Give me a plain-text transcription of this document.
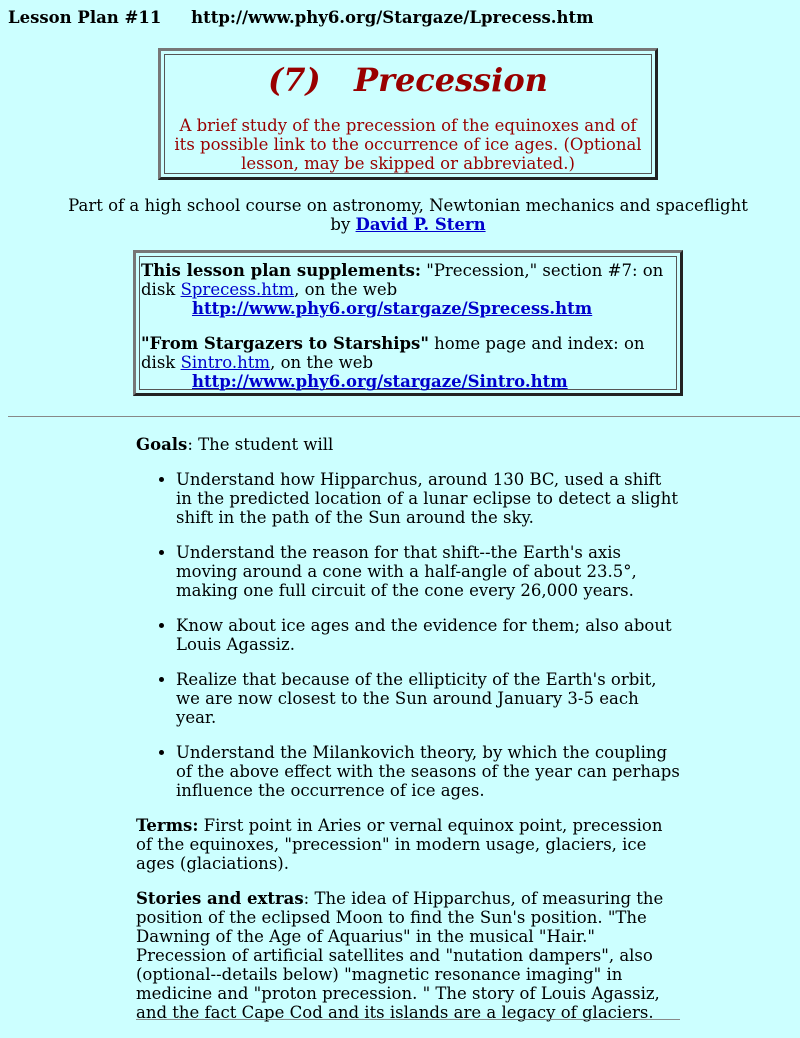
Lesson Plan #11 http://www.phy6.org/Stargaze/Lprecess.htm
(7)   Precession
A brief study of the precession of the equinoxes and of its possible link to the occurrence of ice ages. (Optional lesson, may be skipped or abbreviated.)
Part of a high school course on astronomy, Newtonian mechanics and spaceflight
by David P. Stern

This lesson plan supplements: "Precession," section #7: on disk Sprecess.htm, on the web

http://www.phy6.org/stargaze/Sprecess.htm

"From Stargazers to Starships" home page and index: on disk Sintro.htm, on the web

http://www.phy6.org/stargaze/Sintro.htm

Goals: The student will

• Understand how Hipparchus, around 130 BC, used a shift in the predicted location of a lunar eclipse to detect a slight shift in the path of the Sun around the sky.
• Understand the reason for that shift--the Earth's axis moving around a cone with a half-angle of about 23.5°, making one full circuit of the cone every 26,000 years.
• Know about ice ages and the evidence for them; also about Louis Agassiz.
• Realize that because of the ellipticity of the Earth's orbit, we are now closest to the Sun around January 3-5 each year.
• Understand the Milankovich theory, by which the coupling of the above effect with the seasons of the year can perhaps influence the occurrence of ice ages.

Terms: First point in Aries or vernal equinox point, precession of the equinoxes, "precession" in modern usage, glaciers, ice ages (glaciations).

Stories and extras: The idea of Hipparchus, of measuring the position of the eclipsed Moon to find the Sun's position. "The Dawning of the Age of Aquarius" in the musical "Hair." Precession of artificial satellites and "nutation dampers", also (optional--details below) "magnetic resonance imaging" in medicine and "proton precession. " The story of Louis Agassiz, and the fact Cape Cod and its islands are a legacy of glaciers.
